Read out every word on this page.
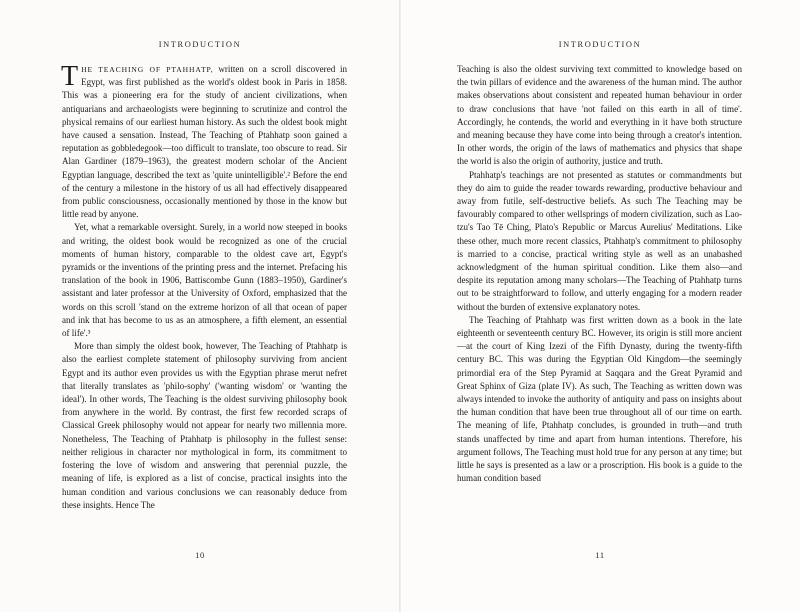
INTRODUCTION

THE TEACHING OF PTAHHATP, written on a scroll discovered in Egypt, was first published as the world's oldest book in Paris in 1858. This was a pioneering era for the study of ancient civilizations, when antiquarians and archaeologists were beginning to scrutinize and control the physical remains of our earliest human history. As such the oldest book might have caused a sensation. Instead, The Teaching of Ptahhatp soon gained a reputation as gobbledegook—too difficult to translate, too obscure to read. Sir Alan Gardiner (1879–1963), the greatest modern scholar of the Ancient Egyptian language, described the text as 'quite unintelligible'.² Before the end of the century a milestone in the history of us all had effectively disappeared from public consciousness, occasionally mentioned by those in the know but little read by anyone.

Yet, what a remarkable oversight. Surely, in a world now steeped in books and writing, the oldest book would be recognized as one of the crucial moments of human history, comparable to the oldest cave art, Egypt's pyramids or the inventions of the printing press and the internet. Prefacing his translation of the book in 1906, Battiscombe Gunn (1883–1950), Gardiner's assistant and later professor at the University of Oxford, emphasized that the words on this scroll 'stand on the extreme horizon of all that ocean of paper and ink that has become to us as an atmosphere, a fifth element, an essential of life'.³

More than simply the oldest book, however, The Teaching of Ptahhatp is also the earliest complete statement of philosophy surviving from ancient Egypt and its author even provides us with the Egyptian phrase merut nefret that literally translates as 'philo-sophy' ('wanting wisdom' or 'wanting the ideal'). In other words, The Teaching is the oldest surviving philosophy book from anywhere in the world. By contrast, the first few recorded scraps of Classical Greek philosophy would not appear for nearly two millennia more. Nonetheless, The Teaching of Ptahhatp is philosophy in the fullest sense: neither religious in character nor mythological in form, its commitment to fostering the love of wisdom and answering that perennial puzzle, the meaning of life, is explored as a list of concise, practical insights into the human condition and various conclusions we can reasonably deduce from these insights. Hence The

10
INTRODUCTION

Teaching is also the oldest surviving text committed to knowledge based on the twin pillars of evidence and the awareness of the human mind. The author makes observations about consistent and repeated human behaviour in order to draw conclusions that have 'not failed on this earth in all of time'. Accordingly, he contends, the world and everything in it have both structure and meaning because they have come into being through a creator's intention. In other words, the origin of the laws of mathematics and physics that shape the world is also the origin of authority, justice and truth.

Ptahhatp's teachings are not presented as statutes or commandments but they do aim to guide the reader towards rewarding, productive behaviour and away from futile, self-destructive beliefs. As such The Teaching may be favourably compared to other wellsprings of modern civilization, such as Lao-tzu's Tao Tē Ching, Plato's Republic or Marcus Aurelius' Meditations. Like these other, much more recent classics, Ptahhatp's commitment to philosophy is married to a concise, practical writing style as well as an unabashed acknowledgment of the human spiritual condition. Like them also—and despite its reputation among many scholars—The Teaching of Ptahhatp turns out to be straightforward to follow, and utterly engaging for a modern reader without the burden of extensive explanatory notes.

The Teaching of Ptahhatp was first written down as a book in the late eighteenth or seventeenth century BC. However, its origin is still more ancient—at the court of King Izezi of the Fifth Dynasty, during the twenty-fifth century BC. This was during the Egyptian Old Kingdom—the seemingly primordial era of the Step Pyramid at Saqqara and the Great Pyramid and Great Sphinx of Giza (plate IV). As such, The Teaching as written down was always intended to invoke the authority of antiquity and pass on insights about the human condition that have been true throughout all of our time on earth. The meaning of life, Ptahhatp concludes, is grounded in truth—and truth stands unaffected by time and apart from human intentions. Therefore, his argument follows, The Teaching must hold true for any person at any time; but little he says is presented as a law or a proscription. His book is a guide to the human condition based

11
